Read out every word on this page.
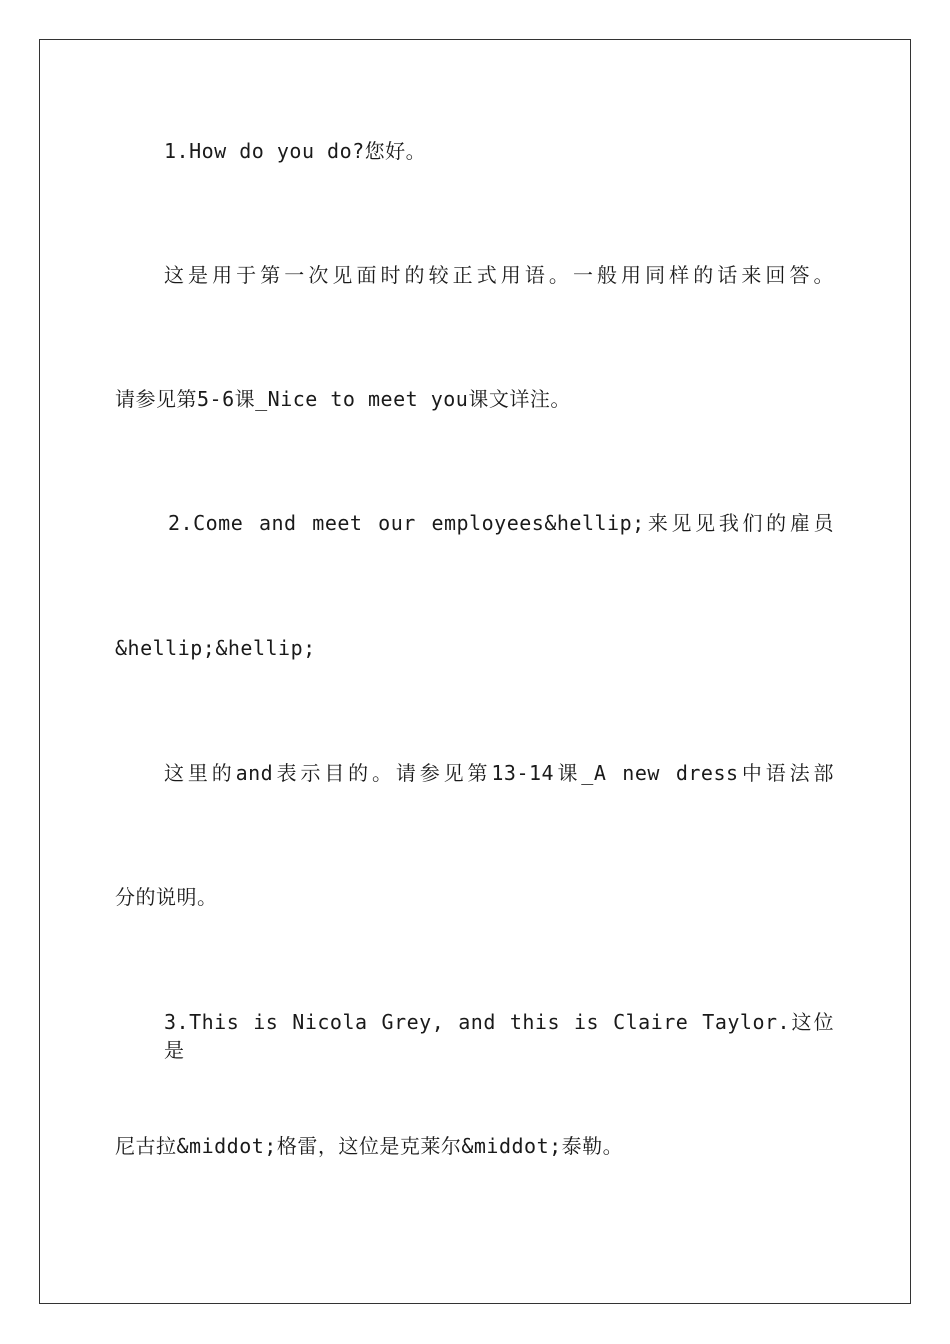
1.How do you do?您好。
这是用于第一次见面时的较正式用语。一般用同样的话来回答。
请参见第5-6课_Nice to meet you课文详注。
2.Come and meet our employees&hellip;来见见我们的雇员
&hellip;&hellip;
这里的and表示目的。请参见第13-14课_A new dress中语法部
分的说明。
3.This is Nicola Grey, and this is Claire Taylor.这位是
尼古拉&middot;格雷，这位是克莱尔&middot;泰勒。
